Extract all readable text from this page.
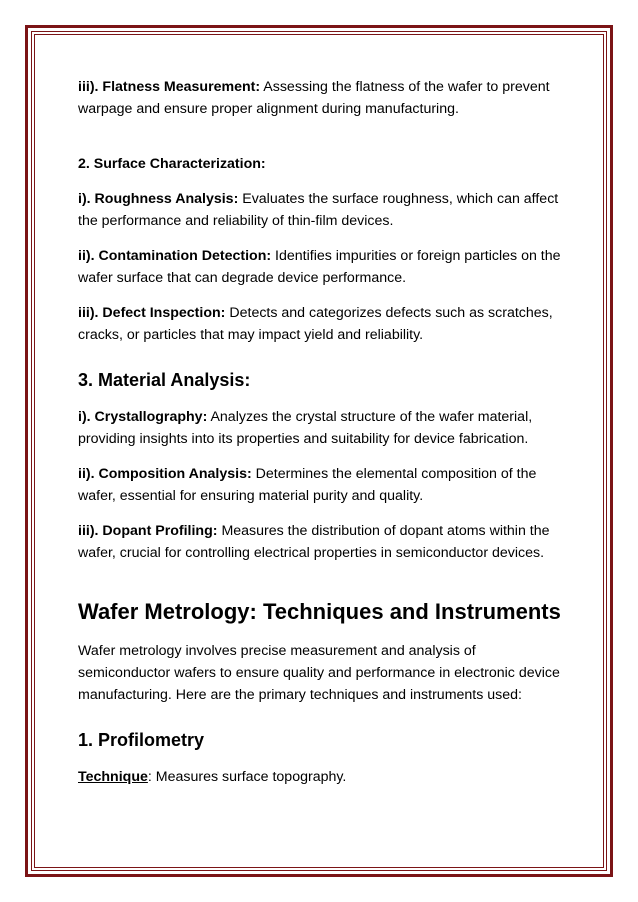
iii). Flatness Measurement: Assessing the flatness of the wafer to prevent warpage and ensure proper alignment during manufacturing.

2. Surface Characterization:

i). Roughness Analysis: Evaluates the surface roughness, which can affect the performance and reliability of thin-film devices.

ii). Contamination Detection: Identifies impurities or foreign particles on the wafer surface that can degrade device performance.

iii). Defect Inspection: Detects and categorizes defects such as scratches, cracks, or particles that may impact yield and reliability.

3. Material Analysis:

i). Crystallography: Analyzes the crystal structure of the wafer material, providing insights into its properties and suitability for device fabrication.

ii). Composition Analysis: Determines the elemental composition of the wafer, essential for ensuring material purity and quality.

iii). Dopant Profiling: Measures the distribution of dopant atoms within the wafer, crucial for controlling electrical properties in semiconductor devices.

Wafer Metrology: Techniques and Instruments

Wafer metrology involves precise measurement and analysis of semiconductor wafers to ensure quality and performance in electronic device manufacturing. Here are the primary techniques and instruments used:

1. Profilometry

Technique: Measures surface topography.
